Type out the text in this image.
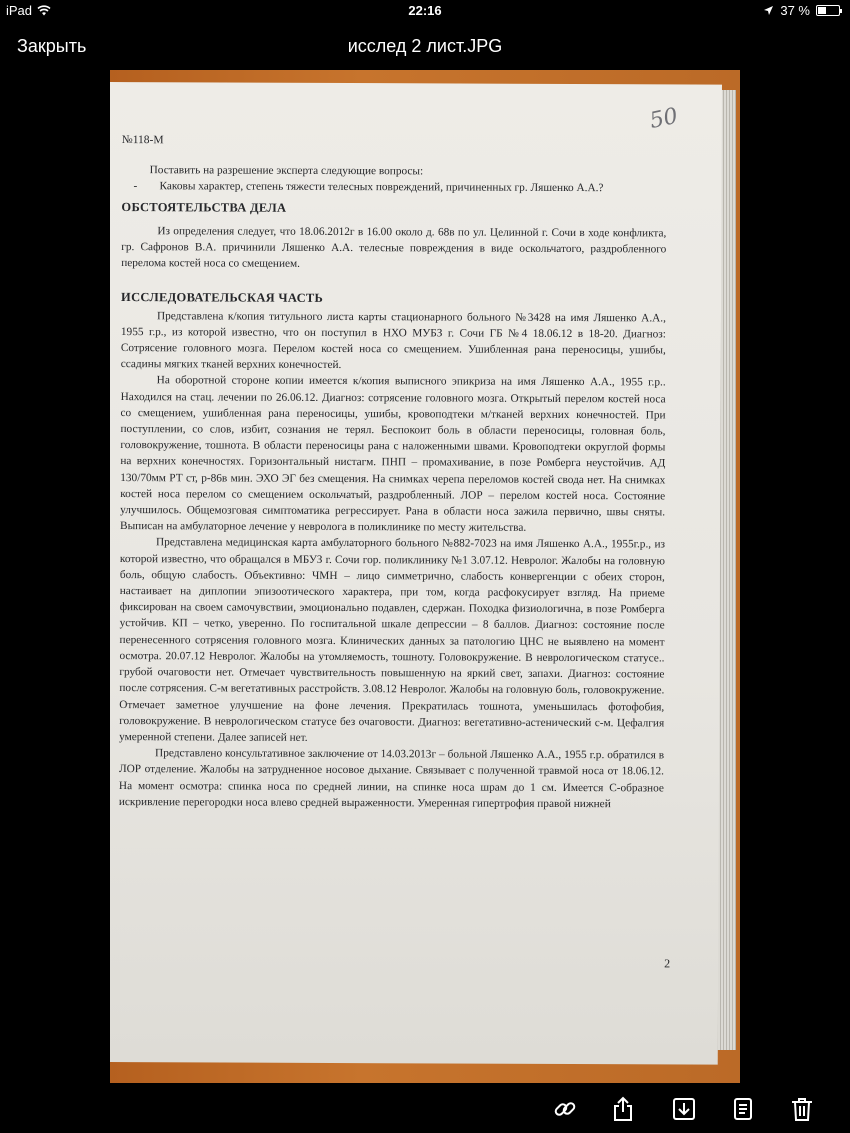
iPad	22:16	37 %
Закрыть	исслед 2 лист.JPG
50

№118-М

Поставить на разрешение эксперта следующие вопросы:

-	Каковы характер, степень тяжести телесных повреждений, причиненных гр. Ляшенко А.А.?

ОБСТОЯТЕЛЬСТВА ДЕЛА

Из определения следует, что 18.06.2012г в 16.00 около д. 68в по ул. Целинной г. Сочи в ходе конфликта, гр. Сафронов В.А. причинили Ляшенко А.А. телесные повреждения в виде оскольчатого, раздробленного перелома костей носа со смещением.

ИССЛЕДОВАТЕЛЬСКАЯ ЧАСТЬ

Представлена к/копия титульного листа карты стационарного больного №3428 на имя Ляшенко А.А., 1955 г.р., из которой известно, что он поступил в НХО МУБЗ г. Сочи ГБ №4 18.06.12 в 18-20. Диагноз: Сотрясение головного мозга. Перелом костей носа со смещением. Ушибленная рана переносицы, ушибы, ссадины мягких тканей верхних конечностей.

На оборотной стороне копии имеется к/копия выписного эпикриза на имя Ляшенко А.А., 1955 г.р.. Находился на стац. лечении по 26.06.12. Диагноз: сотрясение головного мозга. Открытый перелом костей носа со смещением, ушибленная рана переносицы, ушибы, кровоподтеки м/тканей верхних конечностей. При поступлении, со слов, избит, сознания не терял. Беспокоит боль в области переносицы, головная боль, головокружение, тошнота. В области переносицы рана с наложенными швами. Кровоподтеки округлой формы на верхних конечностях. Горизонтальный нистагм. ПНП – промахивание, в позе Ромберга неустойчив. АД 130/70мм РТ ст, р-86в мин. ЭХО ЭГ без смещения. На снимках черепа переломов костей свода нет. На снимках костей носа перелом со смещением оскольчатый, раздробленный. ЛОР – перелом костей носа. Состояние улучшилось. Общемозговая симптоматика регрессирует. Рана в области носа зажила первично, швы сняты. Выписан на амбулаторное лечение у невролога в поликлинике по месту жительства.

Представлена медицинская карта амбулаторного больного №882-7023 на имя Ляшенко А.А., 1955г.р., из которой известно, что обращался в МБУЗ г. Сочи гор. поликлинику №1 3.07.12. Невролог. Жалобы на головную боль, общую слабость. Объективно: ЧМН – лицо симметрично, слабость конвергенции с обеих сторон, настаивает на диплопии эпизоотического характера, при том, когда расфокусирует взгляд. На приеме фиксирован на своем самочувствии, эмоционально подавлен, сдержан. Походка физиологична, в позе Ромберга устойчив. КП – четко, уверенно. По госпитальной шкале депрессии – 8 баллов. Диагноз: состояние после перенесенного сотрясения головного мозга. Клинических данных за патологию ЦНС не выявлено на момент осмотра. 20.07.12 Невролог. Жалобы на утомляемость, тошноту. Головокружение. В неврологическом статусе.. грубой очаговости нет. Отмечает чувствительность повышенную на яркий свет, запахи. Диагноз: состояние после сотрясения. С-м вегетативных расстройств. 3.08.12 Невролог. Жалобы на головную боль, головокружение. Отмечает заметное улучшение на фоне лечения. Прекратилась тошнота, уменьшилась фотофобия, головокружение. В неврологическом статусе без очаговости. Диагноз: вегетативно-астенический с-м. Цефалгия умеренной степени. Далее записей нет.

Представлено консультативное заключение от 14.03.2013г – больной Ляшенко А.А., 1955 г.р. обратился в ЛОР отделение. Жалобы на затрудненное носовое дыхание. Связывает с полученной травмой носа от 18.06.12. На момент осмотра: спинка носа по средней линии, на спинке носа шрам до 1 см. Имеется С-образное искривление перегородки носа влево средней выраженности. Умеренная гипертрофия правой нижней

2
